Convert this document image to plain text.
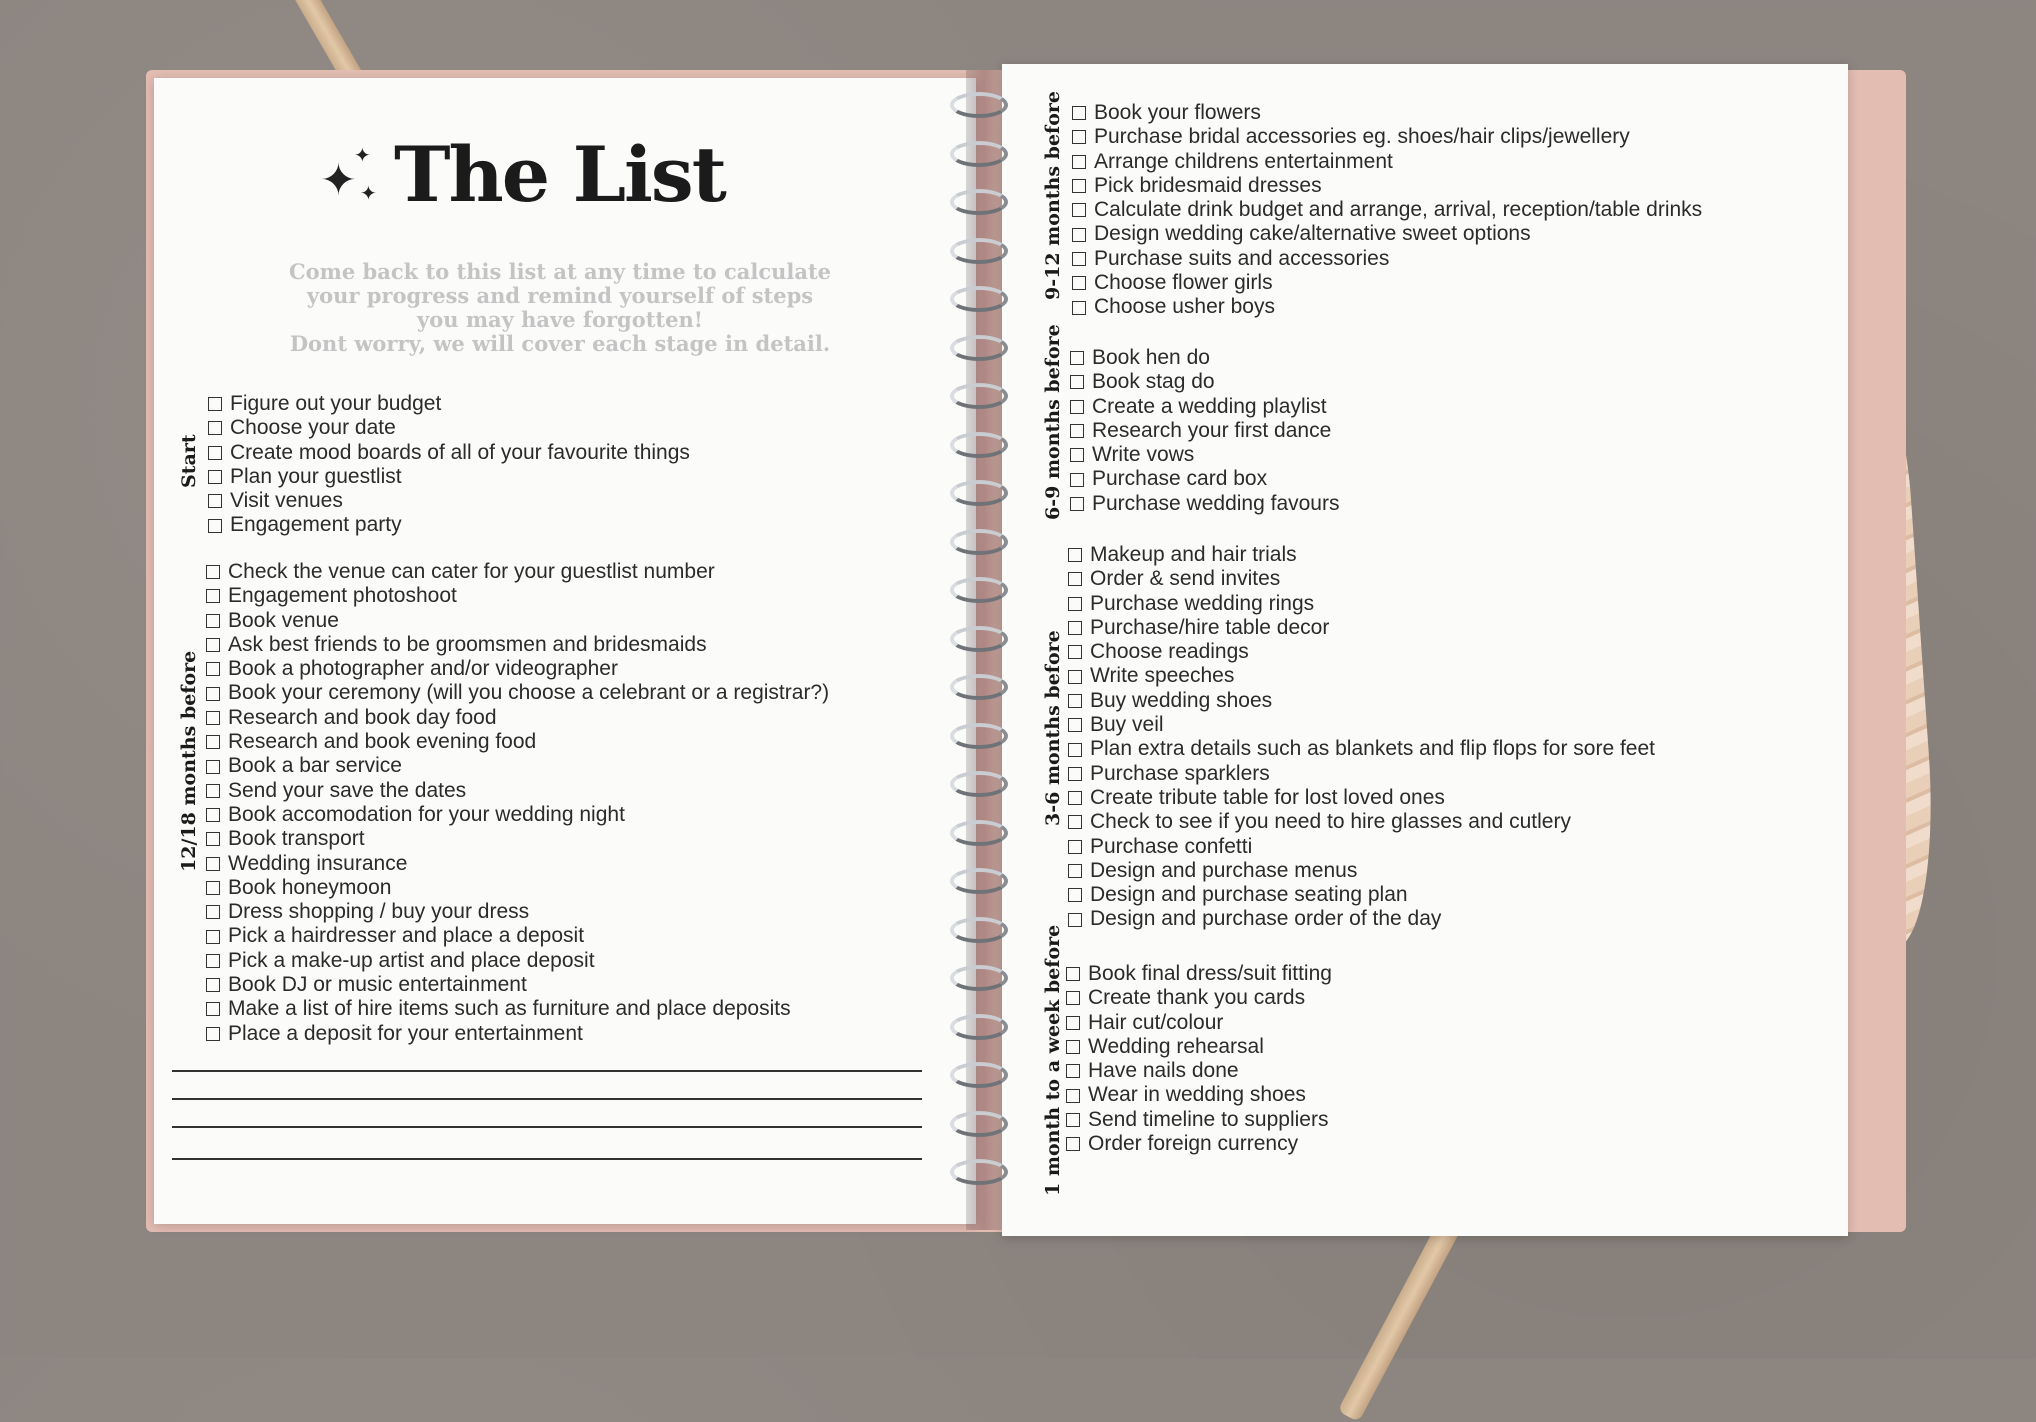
✦
✦
✦ The List
Come back to this list at any time to calculate
your progress and remind yourself of steps
you may have forgotten!
Dont worry, we will cover each stage in detail.
Start
Figure out your budget
Choose your date
Create mood boards of all of your favourite things
Plan your guestlist
Visit venues
Engagement party
12/18 months before
Check the venue can cater for your guestlist number
Engagement photoshoot
Book venue
Ask best friends to be groomsmen and bridesmaids
Book a photographer and/or videographer
Book your ceremony (will you choose a celebrant or a registrar?)
Research and book day food
Research and book evening food
Book a bar service
Send your save the dates
Book accomodation for your wedding night
Book transport
Wedding insurance
Book honeymoon
Dress shopping / buy your dress
Pick a hairdresser and place a deposit
Pick a make-up artist and place deposit
Book DJ or music entertainment
Make a list of hire items such as furniture and place deposits
Place a deposit for your entertainment
9-12 months before Book your flowers
Purchase bridal accessories eg. shoes/hair clips/jewellery
Arrange childrens entertainment
Pick bridesmaid dresses
Calculate drink budget and arrange, arrival, reception/table drinks
Design wedding cake/alternative sweet options
Purchase suits and accessories
Choose flower girls
Choose usher boys
6-9 months before Book hen do
Book stag do
Create a wedding playlist
Research your first dance
Write vows
Purchase card box
Purchase wedding favours
3-6 months before
Makeup and hair trials
Order & send invites
Purchase wedding rings
Purchase/hire table decor
Choose readings
Write speeches
Buy wedding shoes
Buy veil
Plan extra details such as blankets and flip flops for sore feet
Purchase sparklers
Create tribute table for lost loved ones
Check to see if you need to hire glasses and cutlery
Purchase confetti
Design and purchase menus
Design and purchase seating plan
Design and purchase order of the day
1 month to a week before Book final dress/suit fitting
Create thank you cards
Hair cut/colour
Wedding rehearsal
Have nails done
Wear in wedding shoes
Send timeline to suppliers
Order foreign currency
